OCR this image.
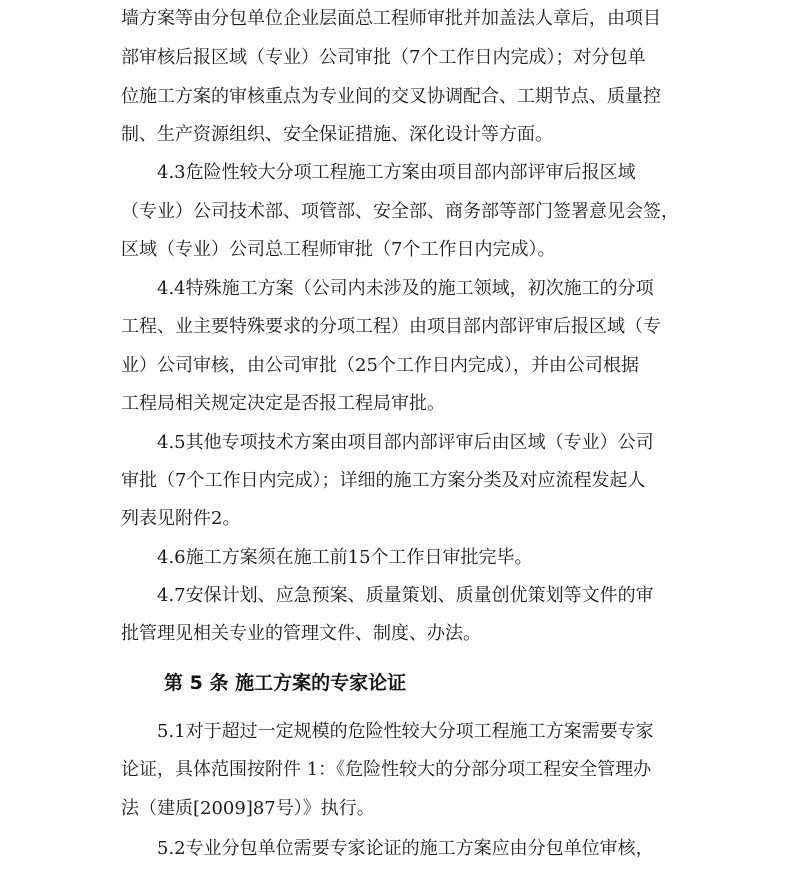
墙方案等由分包单位企业层面总工程师审批并加盖法人章后，由项目
部审核后报区域（专业）公司审批（7个工作日内完成）；对分包单
位施工方案的审核重点为专业间的交叉协调配合、工期节点、质量控
制、生产资源组织、安全保证措施、深化设计等方面。
4.3危险性较大分项工程施工方案由项目部内部评审后报区域
（专业）公司技术部、项管部、安全部、商务部等部门签署意见会签，
区域（专业）公司总工程师审批（7个工作日内完成）。
4.4特殊施工方案（公司内未涉及的施工领域，初次施工的分项
工程、业主要特殊要求的分项工程）由项目部内部评审后报区域（专
业）公司审核，由公司审批（25个工作日内完成），并由公司根据
工程局相关规定决定是否报工程局审批。
4.5其他专项技术方案由项目部内部评审后由区域（专业）公司
审批（7个工作日内完成）；详细的施工方案分类及对应流程发起人
列表见附件2。
4.6施工方案须在施工前15个工作日审批完毕。
4.7安保计划、应急预案、质量策划、质量创优策划等文件的审
批管理见相关专业的管理文件、制度、办法。
第 5 条 施工方案的专家论证
5.1对于超过一定规模的危险性较大分项工程施工方案需要专家
论证，具体范围按附件 1：《危险性较大的分部分项工程安全管理办
法（建质[2009]87号）》执行。
5.2专业分包单位需要专家论证的施工方案应由分包单位审核，
